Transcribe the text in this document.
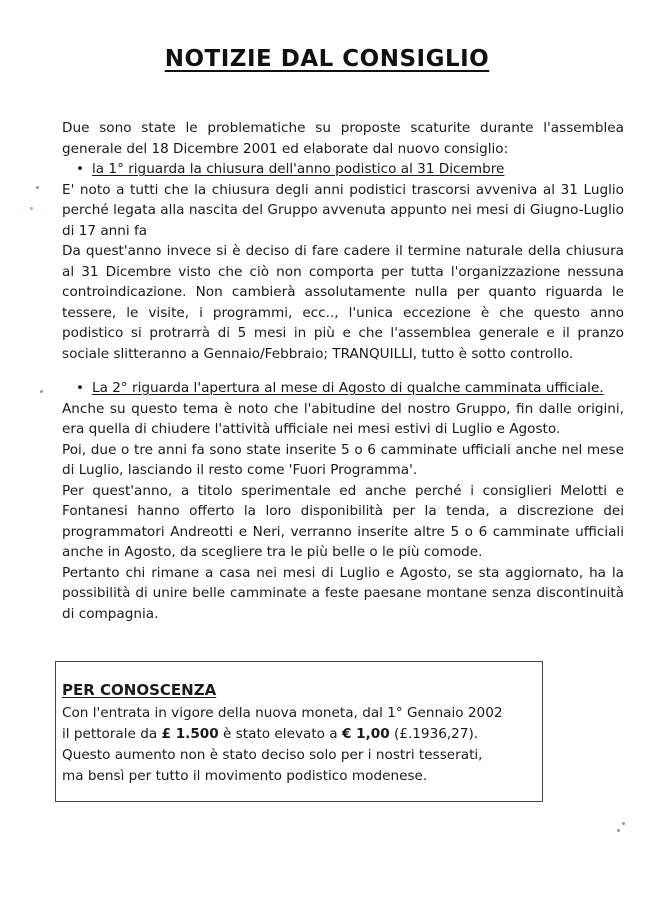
NOTIZIE DAL CONSIGLIO

Due sono state le problematiche su proposte scaturite durante l'assemblea generale del 18 Dicembre 2001 ed elaborate dal nuovo consiglio:

• la 1° riguarda la chiusura dell'anno podistico al 31 Dicembre

E' noto a tutti che la chiusura degli anni podistici trascorsi avveniva al 31 Luglio perché legata alla nascita del Gruppo avvenuta appunto nei mesi di Giugno-Luglio di 17 anni fa

Da quest'anno invece si è deciso di fare cadere il termine naturale della chiusura al 31 Dicembre visto che ciò non comporta per tutta l'organizzazione nessuna controindicazione. Non cambierà assolutamente nulla per quanto riguarda le tessere, le visite, i programmi, ecc.., l'unica eccezione è che questo anno podistico si protrarrà di 5 mesi in più e che l'assemblea generale e il pranzo sociale slitteranno a Gennaio/Febbraio; TRANQUILLI, tutto è sotto controllo.

• La 2° riguarda l'apertura al mese di Agosto di qualche camminata ufficiale.

Anche su questo tema è noto che l'abitudine del nostro Gruppo, fin dalle origini, era quella di chiudere l'attività ufficiale nei mesi estivi di Luglio e Agosto.

Poi, due o tre anni fa sono state inserite 5 o 6 camminate ufficiali anche nel mese di Luglio, lasciando il resto come 'Fuori Programma'.

Per quest'anno, a titolo sperimentale ed anche perché i consiglieri Melotti e Fontanesi hanno offerto la loro disponibilità per la tenda, a discrezione dei programmatori Andreotti e Neri, verranno inserite altre 5 o 6 camminate ufficiali anche in Agosto, da scegliere tra le più belle o le più comode.

Pertanto chi rimane a casa nei mesi di Luglio e Agosto, se sta aggiornato, ha la possibilità di unire belle camminate a feste paesane montane senza discontinuità di compagnia.

PER CONOSCENZA

Con l'entrata in vigore della nuova moneta, dal 1° Gennaio 2002

il pettorale da £ 1.500 è stato elevato a € 1,00 (£.1936,27).

Questo aumento non è stato deciso solo per i nostri tesserati,

ma bensì per tutto il movimento podistico modenese.
